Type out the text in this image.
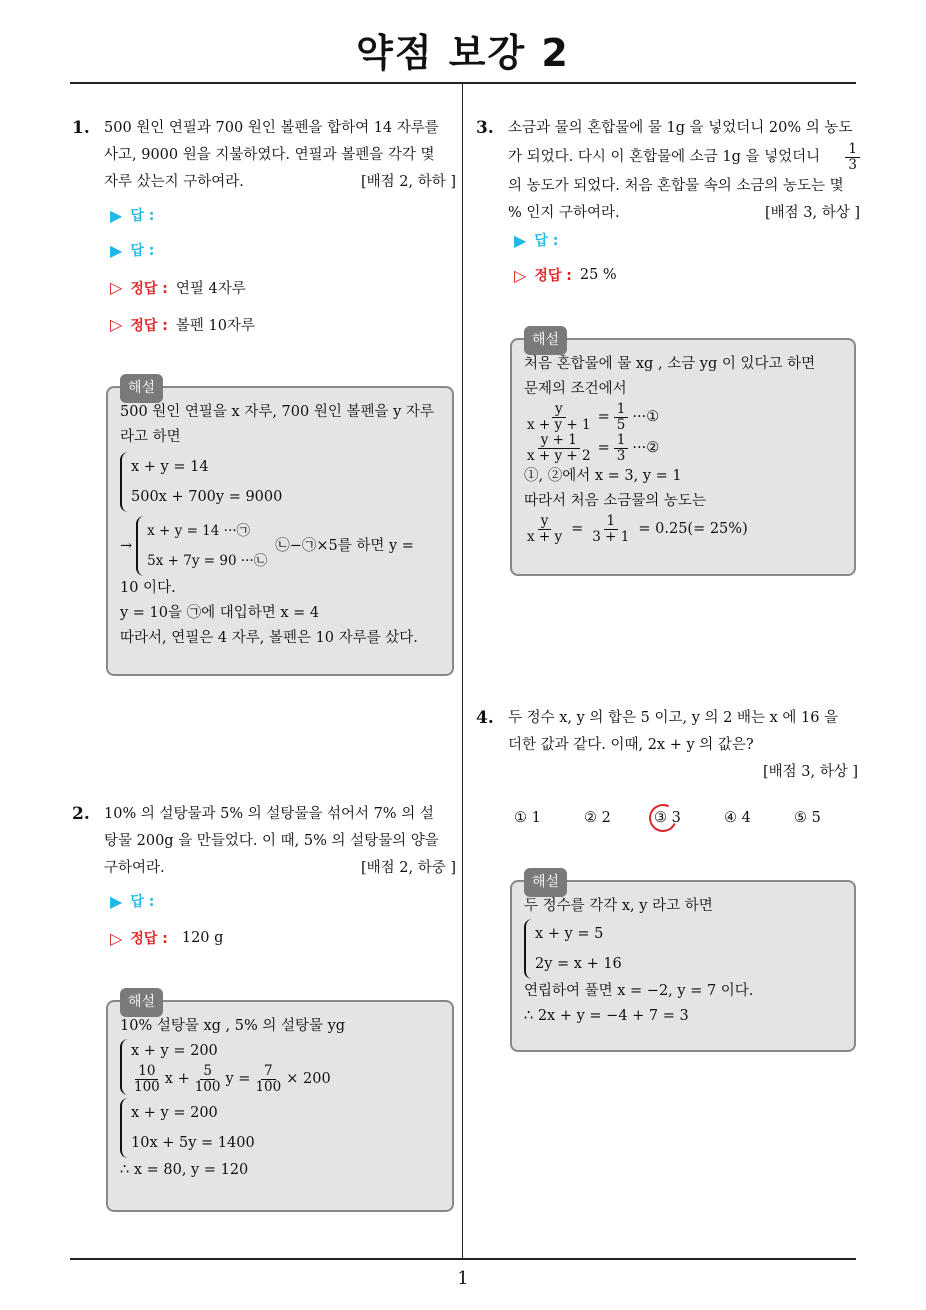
약점 보강 2
1. 500 원인 연필과 700 원인 볼펜을 합하여 14 자루를
사고, 9000 원을 지불하였다. 연필과 볼펜을 각각 몇
자루 샀는지 구하여라.	[배점 2, 하하 ]
▶ 답 :
▶ 답 :
▷ 정답 : 연필 4자루
▷ 정답 : 볼펜 10자루
해설
500 원인 연필을 x 자루, 700 원인 볼펜을 y 자루
라고 하면
x + y = 14
500x + 700y = 9000
→
x + y = 14 ···㉠
5x + 7y = 90 ···㉡
㉡−㉠×5를 하면 y =
10 이다.
y = 10을 ㉠에 대입하면 x = 4
따라서, 연필은 4 자루, 볼펜은 10 자루를 샀다.
2. 10% 의 설탕물과 5% 의 설탕물을 섞어서 7% 의 설
탕물 200g 을 만들었다. 이 때, 5% 의 설탕물의 양을
구하여라.	[배점 2, 하중 ]
▶ 답 :
▷ 정답 : 120 g
해설
10% 설탕물 xg , 5% 의 설탕물 yg
x + y = 200
$\frac{10}{100}$ $x + \frac{5}{100}$ $y = \frac{7}{100} \times 200$
x + y = 200
10x + 5y = 1400
∴ x = 80, y = 120
3. 소금과 물의 혼합물에 물 1g 을 넣었더니 20% 의 농도
가 되었다. 다시 이 혼합물에 소금 1g 을 넣었더니 $\frac{1}{3}$
의 농도가 되었다. 처음 혼합물 속의 소금의 농도는 몇
% 인지 구하여라.	[배점 3, 하상 ]
▶ 답 :
▷ 정답 : 25 %
해설
처음 혼합물에 물 xg , 소금 yg 이 있다고 하면
문제의 조건에서
$\frac{y}{x + y + 1} = \frac{1}{5}$ ···①
$\frac{y + 1}{x + y + 2} = \frac{1}{3}$ ···②
①, ②에서 x = 3, y = 1
따라서 처음 소금물의 농도는
$\frac{y}{x + y} = \frac{1}{3 + 1} = 0.25(= 25\%)$
4. 두 정수 x, y 의 합은 5 이고, y 의 2 배는 x 에 16 을
더한 값과 같다. 이때, 2x + y 의 값은?
[배점 3, 하상 ]
① 1	② 2	③ 3	④ 4	⑤ 5
해설
두 정수를 각각 x, y 라고 하면
x + y = 5
2y = x + 16
연립하여 풀면 x = −2, y = 7 이다.
∴ 2x + y = −4 + 7 = 3
1
